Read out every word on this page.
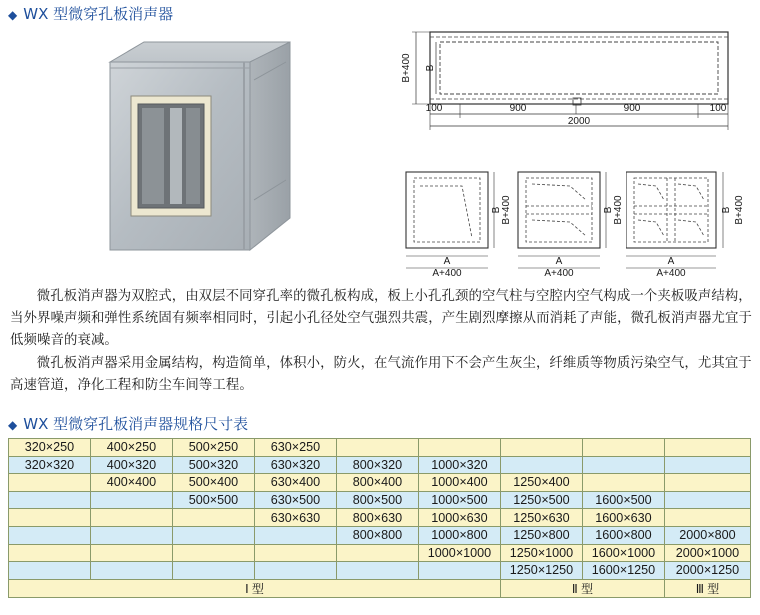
◆ WX 型微穿孔板消声器
B+400 B
100	900	900	100
2000
A
A+400
B B+400
A
A+400
B B+400
A
A+400
B B+400

微孔板消声器为双腔式，由双层不同穿孔率的微孔板构成，板上小孔孔颈的空气柱与空腔内空气构成一个夹板吸声结构，当外界噪声频和弹性系统固有频率相同时，引起小孔径处空气强烈共震，产生剧烈摩擦从而消耗了声能，微孔板消声器尤宜于低频噪音的衰减。

微孔板消声器采用金属结构，构造简单，体积小，防火，在气流作用下不会产生灰尘，纤维质等物质污染空气，尤其宜于高速管道，净化工程和防尘车间等工程。

◆ WX 型微穿孔板消声器规格尺寸表
320×250	400×250	500×250	630×250					
320×320	400×320	500×320	630×320	800×320	1000×320			
	400×400	500×400	630×400	800×400	1000×400	1250×400		
		500×500	630×500	800×500	1000×500	1250×500	1600×500	
			630×630	800×630	1000×630	1250×630	1600×630	
				800×800	1000×800	1250×800	1600×800	2000×800
					1000×1000	1250×1000	1600×1000	2000×1000
						1250×1250	1600×1250	2000×1250
Ⅰ 型						Ⅱ 型		Ⅲ 型
